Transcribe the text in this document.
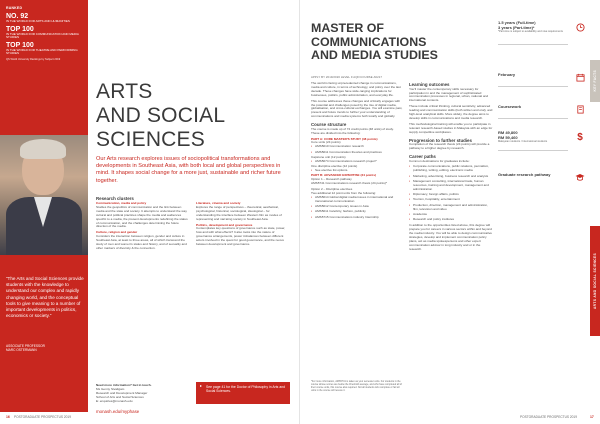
RANKED
NO. 92
IN THE WORLD FOR ARTS AND HUMANITIES
TOP 100
IN THE WORLD FOR COMMUNICATION AND MEDIA STUDIES
TOP 100
IN THE WORLD FOR THEATRE AND PERFORMING STUDIES
QS World University Rankings by Subject 2019
“The Arts and Social Sciences provide students with the knowledge to understand our complex and rapidly changing world, and the conceptual tools to give meaning to a number of important developments in politics, economics or society.”
ASSOCIATE PROFESSOR
MARC OSTERMANN
ARTS
AND SOCIAL
SCIENCES

Our Arts research explores issues of sociopolitical transformations and developments in Southeast Asia, with both local and global perspectives in mind. It shapes social change for a more just, sustainable and richer future together.

Research clusters

Communication, media and policy
Studies the geopolitics of communication and the link between media and the state and society. It attempts to understand the way cultural and political practices shape the media and audiences specific to a media, the present developments redefining the status of communication, and the challenges determining the future direction of the media.

Culture, religion and gender
Considers the interaction between religion, gender and culture in Southeast Asia, at least to three areas, all of which transcend the study of men and women's status and history, and of sexuality and other markers of diversity & the connection.

Literature, cinema and society
Explores the range of perspectives – theoretical, aesthetical, psychological, historical, sociological, ideological – for understanding the interface between Western film as modes of representing and narrating society in Southeast Asia.

Politics, development and governance
Contemplates key questions of governance such as state, power, how and with what effects? It also looks into the nature of governance arrangements, power imbalances between different actors involved in the quest for good governance, and the nexus between development and governance.

Need more information? Get in touch.
Ms Genny Sivaligam
Research and Development Manager
School of Arts and Social Sciences
E: enquiries@monash.edu
monash.edu/myphase
▸ See page 41 for the Doctor of Philosophy in Arts and Social Sciences.
16 POSTGRADUATE PROSPECTUS 2019
MASTER OF
COMMUNICATIONS
AND MEDIA STUDIES
APPLY BY 2019/2020 LEVEL 9 AQF/COURSE A6217

The world is facing unprecedented change in communications, media and culture, in terms of technology, and policy over the last decade. These changes have wide-ranging implications for businesses, politics, public administration, and everyday life.

This course addresses these changes and critically engages with the potential and challenges posed by the rise of digital media, globalisation, and cross-cultural exchanges. You will examine past, present and future trends to further your understanding of communications and media systems both locally and globally.

Course structure

The course is made up of 72 credit points (48 units) of study. These are divided into the following:

PART A: CORE MASTER'S STUDY (48 points)
Core units (24 points)
▪ AMS5010 Communication research
▪ AMS5011 Communication theories and practices
Capstone unit (12 points)
▪ AMS5074 Communications research project*
One discipline elective (12 points)
▪ See elective list options.
PART B: ADVANCED EXPERTISE (24 points)
Option 1 – Research pathway
AMS5741 Communications research thesis (24 points)*
Option 2 – Discipline electives
Two additional 12 point units from the following:
▪ AMS5014 Global digital media issues in international and transnational communication
▪ AMS5012 Contemporary issues in Asia
▪ AMS5011 Celebrity, fashion, publicity
▪ AMS5715 Communications industry Internship
*For more information, AMS5741 is taken as your semester units. For students in the course whose scores are below the threshold average, and who have completed all of their course units, this course also required. Not all students who complete or fail all units in the course will receive it.
Learning outcomes

You'll master the contemporary skills necessary for participation in and the management of sophisticated communication processes in regional, urban, national and international contexts.

These include critical thinking, cultural sensitivity, advanced reading and communication skills (both written and oral), and high-level analytical skills. More widely, the degree aims to develop skills in communications and media research.

This methodological training will enable you to participate in relevant research-based studies in Malaysia with an edge for supply competitive workplaces.

Progression to further studies

Completion of the research thesis (24 points) will provide a pathway to a higher degree by research.

Career paths

Common destinations for graduates include:

▪ Corporate communications, public relations, journalism, publishing, writing, editing, electronic media
▪ Marketing, advertising, business research and analysis
▪ Management consulting, international trade, human resources, training and development, management and administration
▪ Diplomacy, foreign affairs, politics
▪ Tourism, hospitality, entertainment
▪ Production, direction, management and administration, film, television and video
▪ Academia
▪ Research and policy institutes

In addition to the opportunities listed above, this degree will prepare you for careers in various sectors within and beyond the media industry. You will be able to design communicative strategies, develop and implement communication policy plans, act as media spokespersons and other expert communication advisor in long industry and or in the research.

1.5 years (Full-time)
3 years (Part-time)*
*Part-time is subject to availability and visa requirements
February
Coursework
RM 49,800
RM 59,460
Malaysian students / International students
Graduate research pathway
$
KEY FACTS
ARTS AND SOCIAL SCIENCES
POSTGRADUATE PROSPECTUS 2019	17
